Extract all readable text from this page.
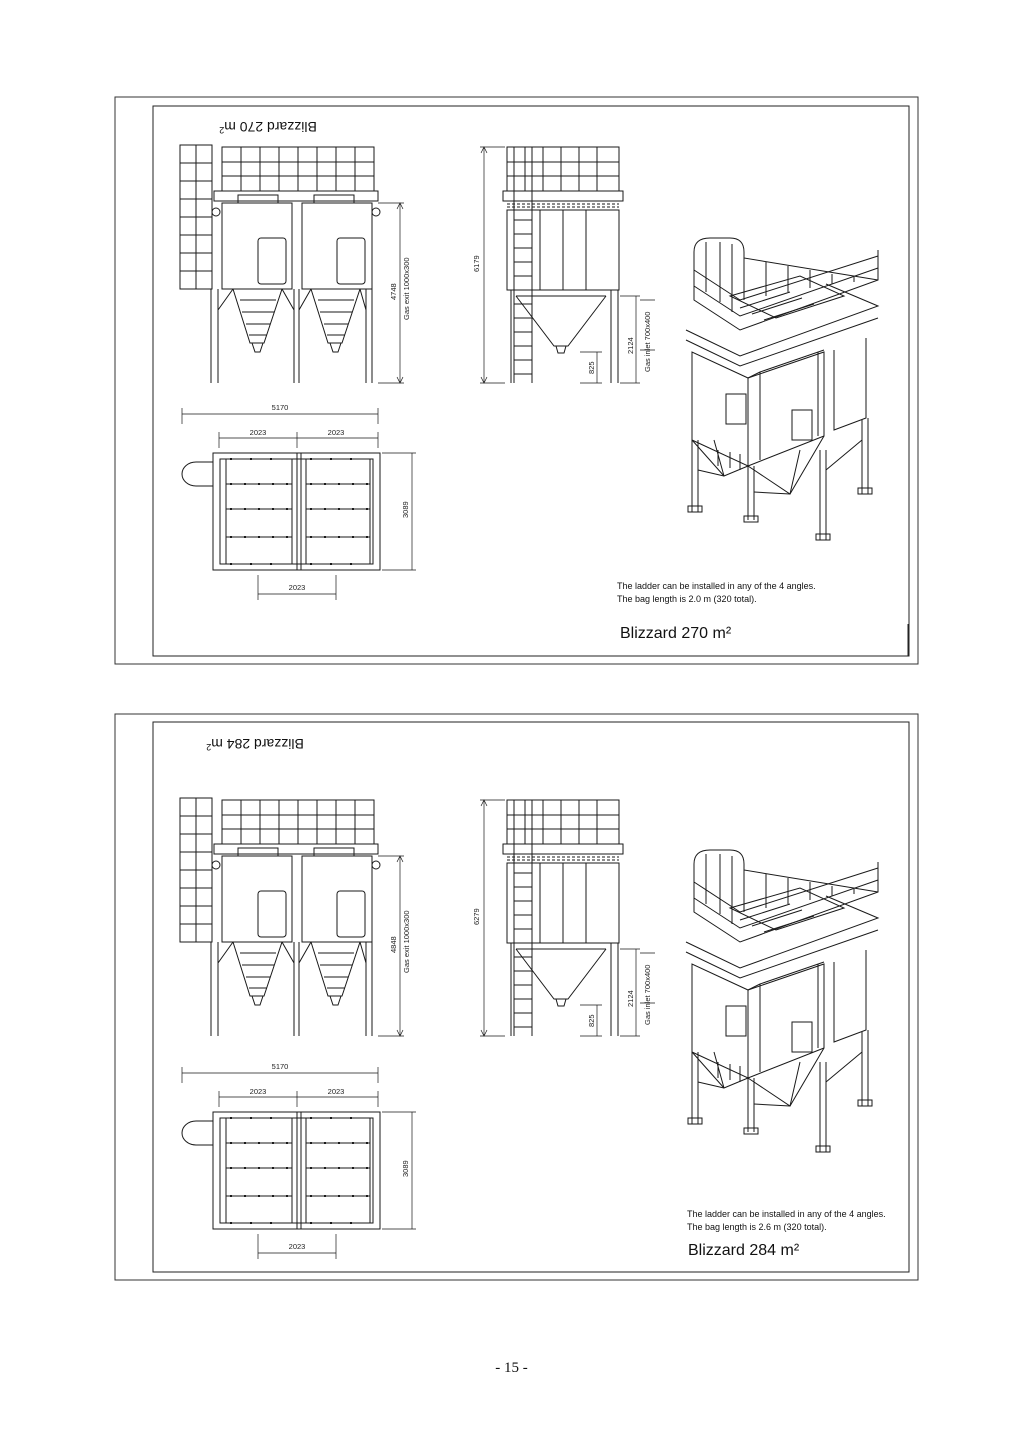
Blizzard 270 $m^2$
4748 Gas exit 1000x300	6179
2124
825	Gas inlet 700x400
5170
2023	2023
2023
3089
The ladder can be installed in any of the 4 angles.
The bag length is 2.0 m (320 total).
Blizzard 270 m²
Blizzard 284 $m^2$
4848 Gas exit 1000x300	6279
2124
825	Gas inlet 700x400
5170
2023	2023
2023
3089
The ladder can be installed in any of the 4 angles.
The bag length is 2.6 m (320 total).
Blizzard 284 m²
- 15 -
